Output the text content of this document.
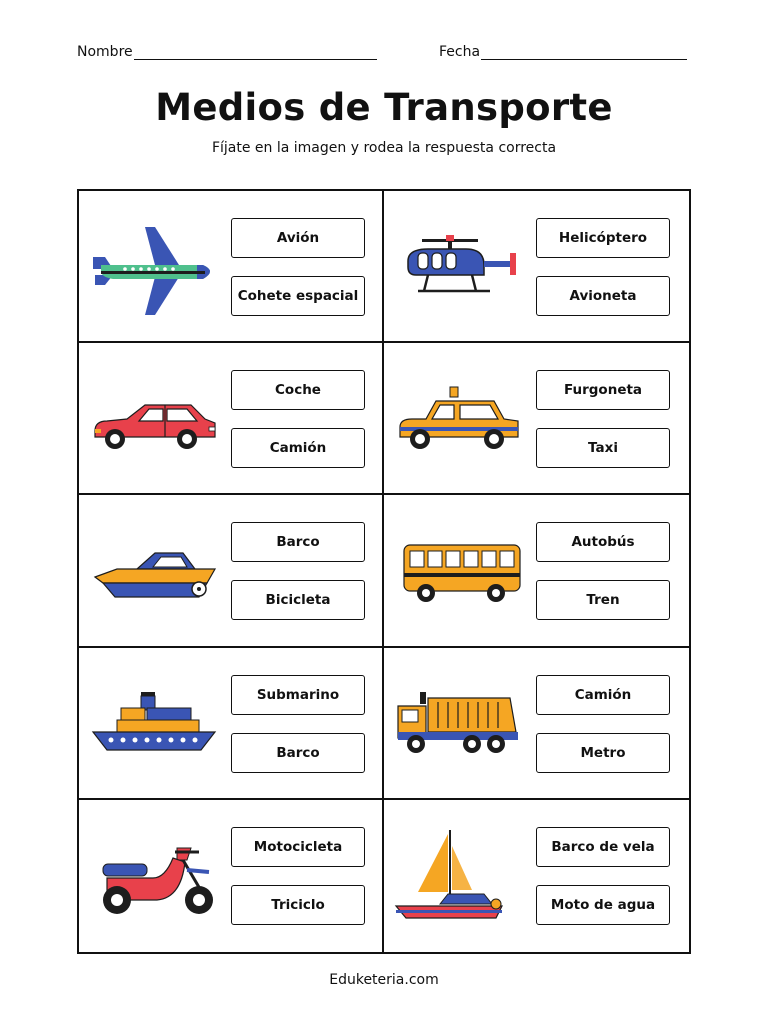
Nombre	Fecha
Medios de Transporte

Fíjate en la imagen y rodea la respuesta correcta

Avión
Cohete espacial
Helicóptero
Avioneta
Coche
Camión
Furgoneta
Taxi
Barco
Bicicleta
Autobús
Tren
Submarino
Barco
Camión
Metro
Motocicleta
Triciclo
Barco de vela
Moto de agua

Eduketeria.com
